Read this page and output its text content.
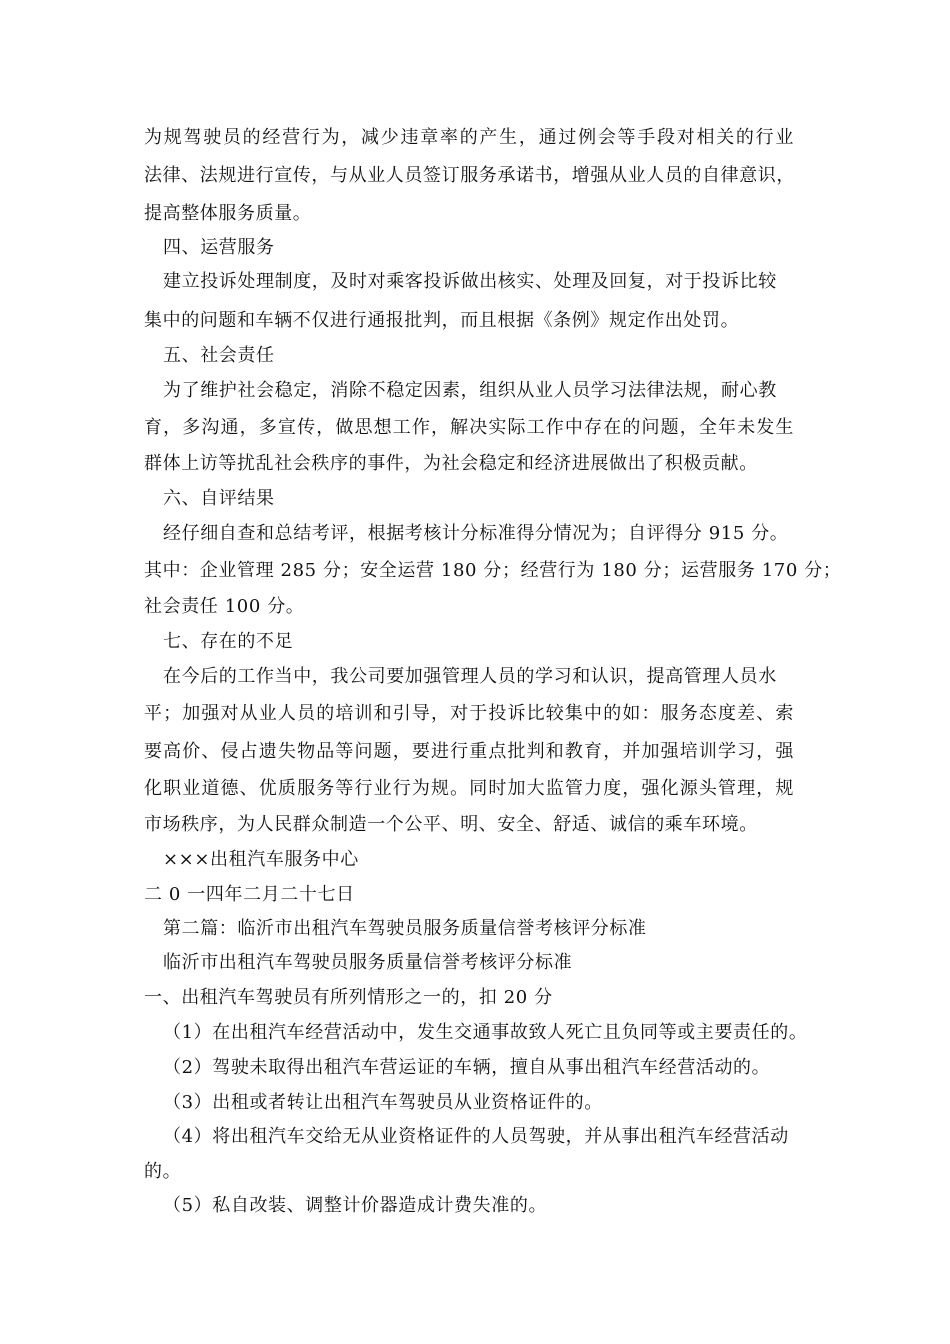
为规驾驶员的经营行为，减少违章率的产生，通过例会等手段对相关的行业
法律、法规进行宣传，与从业人员签订服务承诺书，增强从业人员的自律意识，
提高整体服务质量。
四、运营服务
建立投诉处理制度，及时对乘客投诉做出核实、处理及回复，对于投诉比较
集中的问题和车辆不仅进行通报批判，而且根据《条例》规定作出处罚。
五、社会责任
为了维护社会稳定，消除不稳定因素，组织从业人员学习法律法规，耐心教
育，多沟通，多宣传，做思想工作，解决实际工作中存在的问题，全年未发生
群体上访等扰乱社会秩序的事件，为社会稳定和经济进展做出了积极贡献。
六、自评结果
经仔细自查和总结考评，根据考核计分标准得分情况为；自评得分 915 分。
其中：企业管理 285 分；安全运营 180 分；经营行为 180 分；运营服务 170 分；
社会责任 100 分。
七、存在的不足
在今后的工作当中，我公司要加强管理人员的学习和认识，提高管理人员水
平；加强对从业人员的培训和引导，对于投诉比较集中的如：服务态度差、索
要高价、侵占遗失物品等问题，要进行重点批判和教育，并加强培训学习，强
化职业道德、优质服务等行业行为规。同时加大监管力度，强化源头管理，规
市场秩序，为人民群众制造一个公平、明、安全、舒适、诚信的乘车环境。
×××出租汽车服务中心
二 0 一四年二月二十七日
第二篇：临沂市出租汽车驾驶员服务质量信誉考核评分标准
临沂市出租汽车驾驶员服务质量信誉考核评分标准
一、出租汽车驾驶员有所列情形之一的，扣 20 分
（1）在出租汽车经营活动中，发生交通事故致人死亡且负同等或主要责任的。
（2）驾驶未取得出租汽车营运证的车辆，擅自从事出租汽车经营活动的。
（3）出租或者转让出租汽车驾驶员从业资格证件的。
（4）将出租汽车交给无从业资格证件的人员驾驶，并从事出租汽车经营活动
的。
（5）私自改装、调整计价器造成计费失准的。
